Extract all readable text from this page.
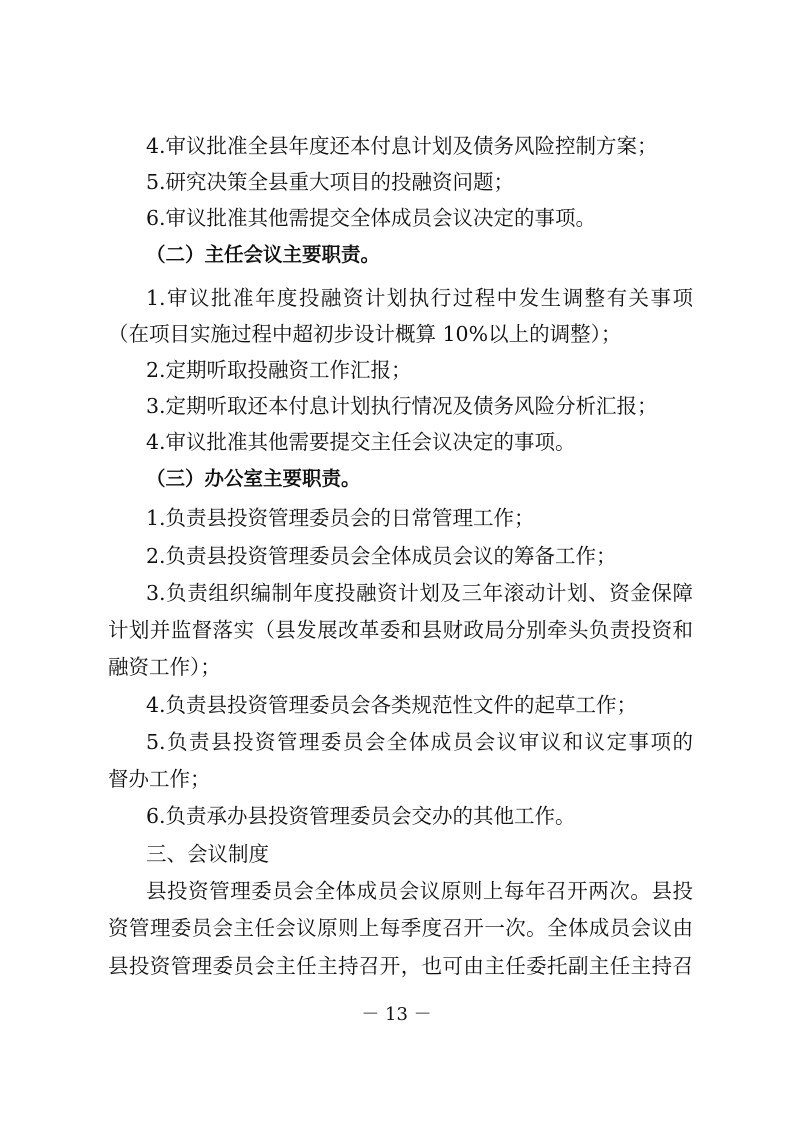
4.审议批准全县年度还本付息计划及债务风险控制方案；
5.研究决策全县重大项目的投融资问题；
6.审议批准其他需提交全体成员会议决定的事项。
（二）主任会议主要职责。
1.审议批准年度投融资计划执行过程中发生调整有关事项
（在项目实施过程中超初步设计概算 10%以上的调整）；
2.定期听取投融资工作汇报；
3.定期听取还本付息计划执行情况及债务风险分析汇报；
4.审议批准其他需要提交主任会议决定的事项。
（三）办公室主要职责。
1.负责县投资管理委员会的日常管理工作；
2.负责县投资管理委员会全体成员会议的筹备工作；
3.负责组织编制年度投融资计划及三年滚动计划、资金保障
计划并监督落实（县发展改革委和县财政局分别牵头负责投资和
融资工作）；
4.负责县投资管理委员会各类规范性文件的起草工作；
5.负责县投资管理委员会全体成员会议审议和议定事项的
督办工作；
6.负责承办县投资管理委员会交办的其他工作。
三、会议制度
县投资管理委员会全体成员会议原则上每年召开两次。县投
资管理委员会主任会议原则上每季度召开一次。全体成员会议由
县投资管理委员会主任主持召开，也可由主任委托副主任主持召
－ 13 －
